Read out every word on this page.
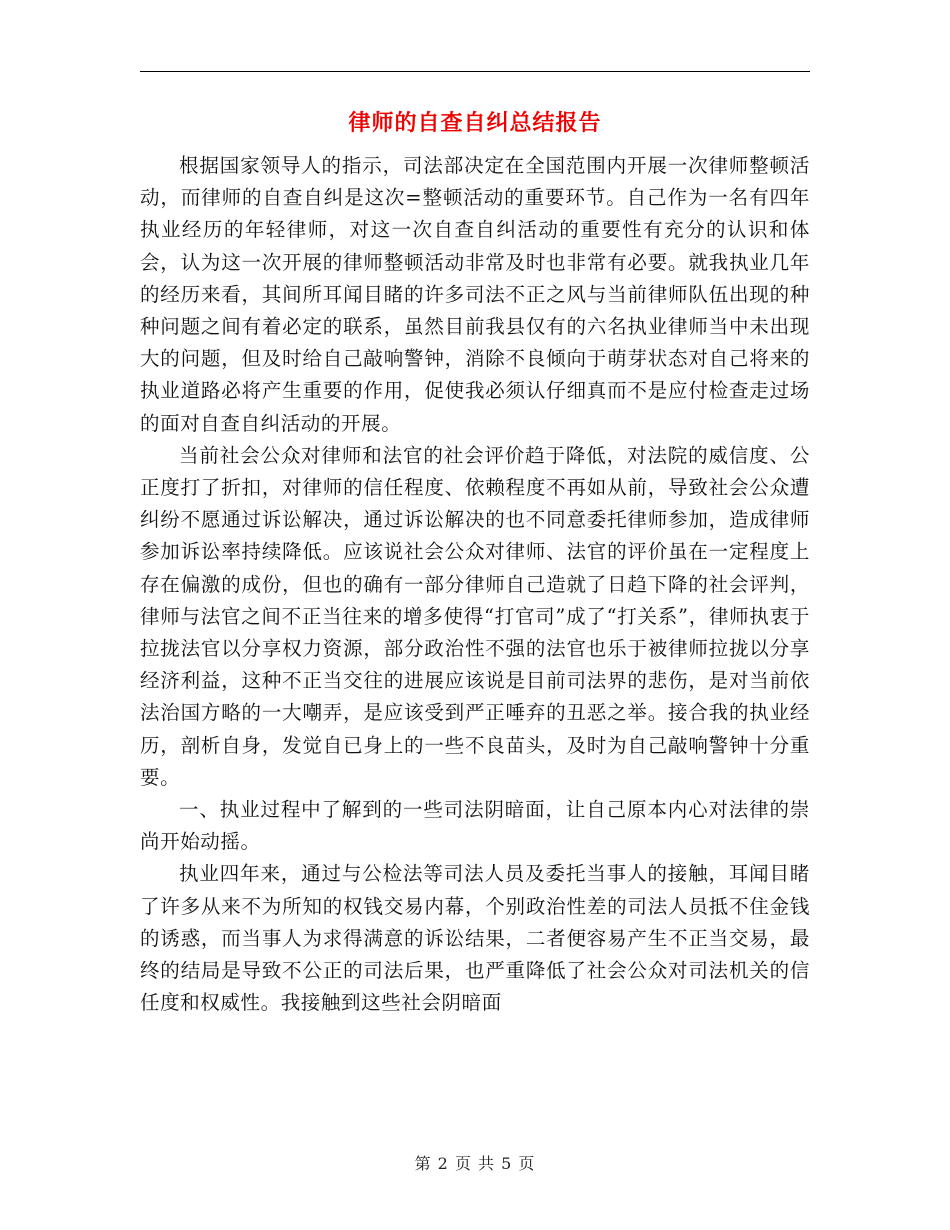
律师的自查自纠总结报告

根据国家领导人的指示，司法部决定在全国范围内开展一次律师整顿活动，而律师的自查自纠是这次=整顿活动的重要环节。自己作为一名有四年执业经历的年轻律师，对这一次自查自纠活动的重要性有充分的认识和体会，认为这一次开展的律师整顿活动非常及时也非常有必要。就我执业几年的经历来看，其间所耳闻目睹的许多司法不正之风与当前律师队伍出现的种种问题之间有着必定的联系，虽然目前我县仅有的六名执业律师当中未出现大的问题，但及时给自己敲响警钟，消除不良倾向于萌芽状态对自己将来的执业道路必将产生重要的作用，促使我必须认仔细真而不是应付检查走过场的面对自查自纠活动的开展。

当前社会公众对律师和法官的社会评价趋于降低，对法院的威信度、公正度打了折扣，对律师的信任程度、依赖程度不再如从前，导致社会公众遭纠纷不愿通过诉讼解决，通过诉讼解决的也不同意委托律师参加，造成律师参加诉讼率持续降低。应该说社会公众对律师、法官的评价虽在一定程度上存在偏激的成份，但也的确有一部分律师自己造就了日趋下降的社会评判，律师与法官之间不正当往来的增多使得“打官司”成了“打关系”，律师执衷于拉拢法官以分享权力资源，部分政治性不强的法官也乐于被律师拉拢以分享经济利益，这种不正当交往的进展应该说是目前司法界的悲伤，是对当前依法治国方略的一大嘲弄，是应该受到严正唾弃的丑恶之举。接合我的执业经历，剖析自身，发觉自已身上的一些不良苗头，及时为自己敲响警钟十分重要。

一、执业过程中了解到的一些司法阴暗面，让自己原本内心对法律的崇尚开始动摇。

执业四年来，通过与公检法等司法人员及委托当事人的接触，耳闻目睹了许多从来不为所知的权钱交易内幕，个别政治性差的司法人员抵不住金钱的诱惑，而当事人为求得满意的诉讼结果，二者便容易产生不正当交易，最终的结局是导致不公正的司法后果，也严重降低了社会公众对司法机关的信任度和权威性。我接触到这些社会阴暗面

第 2 页 共 5 页
